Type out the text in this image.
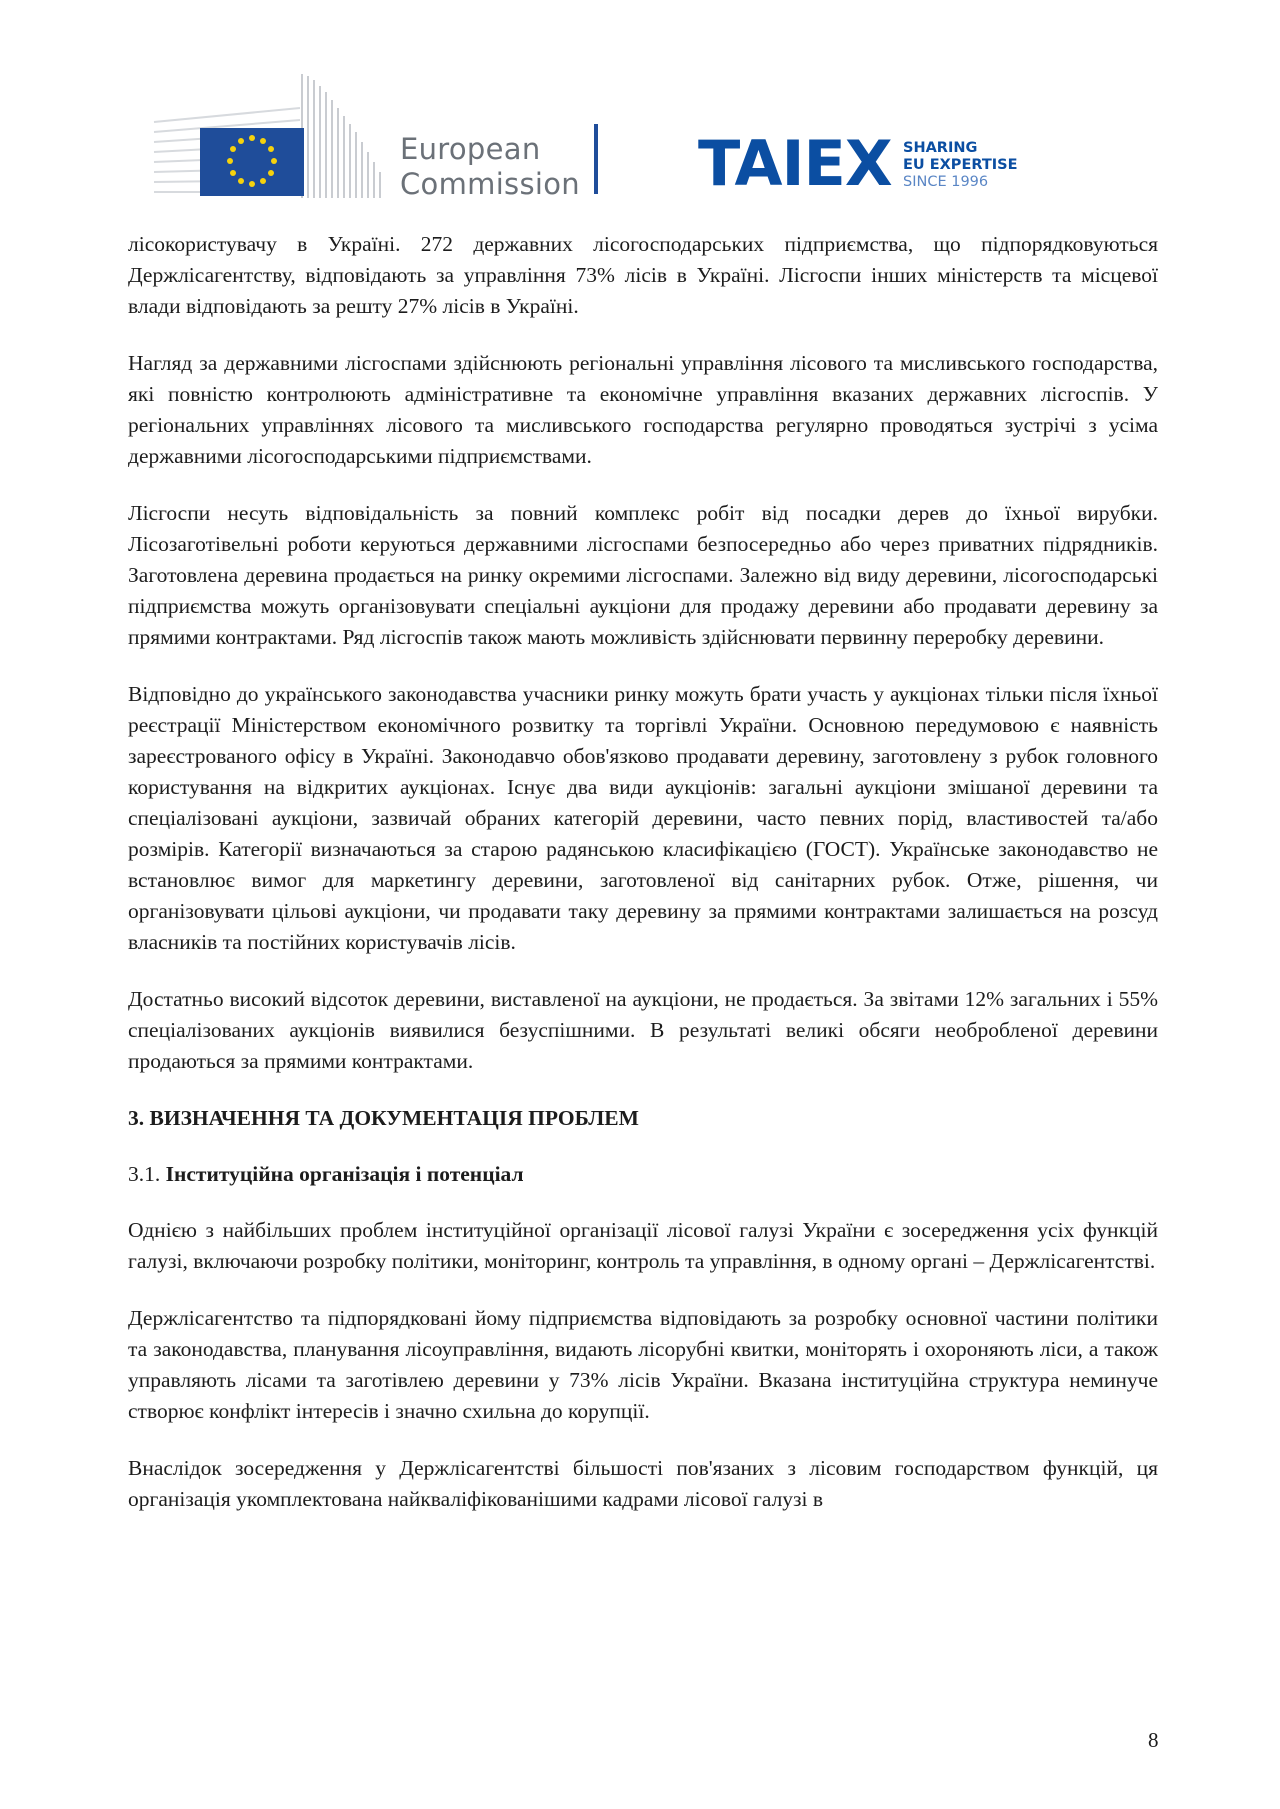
European
Commission TAIEX SHARING
EU EXPERTISE
SINCE 1996

лісокористувачу в Україні. 272 державних лісогосподарських підприємства, що підпорядковуються Держлісагентству, відповідають за управління 73% лісів в Україні. Лісгоспи інших міністерств та місцевої влади відповідають за решту 27% лісів в Україні.

Нагляд за державними лісгоспами здійснюють регіональні управління лісового та мисливського господарства, які повністю контролюють адміністративне та економічне управління вказаних державних лісгоспів. У регіональних управліннях лісового та мисливського господарства регулярно проводяться зустрічі з усіма державними лісогосподарськими підприємствами.

Лісгоспи несуть відповідальність за повний комплекс робіт від посадки дерев до їхньої вирубки. Лісозаготівельні роботи керуються державними лісгоспами безпосередньо або через приватних підрядників. Заготовлена деревина продається на ринку окремими лісгоспами. Залежно від виду деревини, лісогосподарські підприємства можуть організовувати спеціальні аукціони для продажу деревини або продавати деревину за прямими контрактами. Ряд лісгоспів також мають можливість здійснювати первинну переробку деревини.

Відповідно до українського законодавства учасники ринку можуть брати участь у аукціонах тільки після їхньої реєстрації Міністерством економічного розвитку та торгівлі України. Основною передумовою є наявність зареєстрованого офісу в Україні. Законодавчо обов'язково продавати деревину, заготовлену з рубок головного користування на відкритих аукціонах. Існує два види аукціонів: загальні аукціони змішаної деревини та спеціалізовані аукціони, зазвичай обраних категорій деревини, часто певних порід, властивостей та/або розмірів. Категорії визначаються за старою радянською класифікацією (ГОСТ). Українське законодавство не встановлює вимог для маркетингу деревини, заготовленої від санітарних рубок. Отже, рішення, чи організовувати цільові аукціони, чи продавати таку деревину за прямими контрактами залишається на розсуд власників та постійних користувачів лісів.

Достатньо високий відсоток деревини, виставленої на аукціони, не продається. За звітами 12% загальних і 55% спеціалізованих аукціонів виявилися безуспішними. В результаті великі обсяги необробленої деревини продаються за прямими контрактами.

3. ВИЗНАЧЕННЯ ТА ДОКУМЕНТАЦІЯ ПРОБЛЕМ
3.1. Інституційна організація і потенціал

Однією з найбільших проблем інституційної організації лісової галузі України є зосередження усіх функцій галузі, включаючи розробку політики, моніторинг, контроль та управління, в одному органі – Держлісагентстві.

Держлісагентство та підпорядковані йому підприємства відповідають за розробку основної частини політики та законодавства, планування лісоуправління, видають лісорубні квитки, моніторять і охороняють ліси, а також управляють лісами та заготівлею деревини у 73% лісів України. Вказана інституційна структура неминуче створює конфлікт інтересів і значно схильна до корупції.

Внаслідок зосередження у Держлісагентстві більшості пов'язаних з лісовим господарством функцій, ця організація укомплектована найкваліфікованішими кадрами лісової галузі в

8
